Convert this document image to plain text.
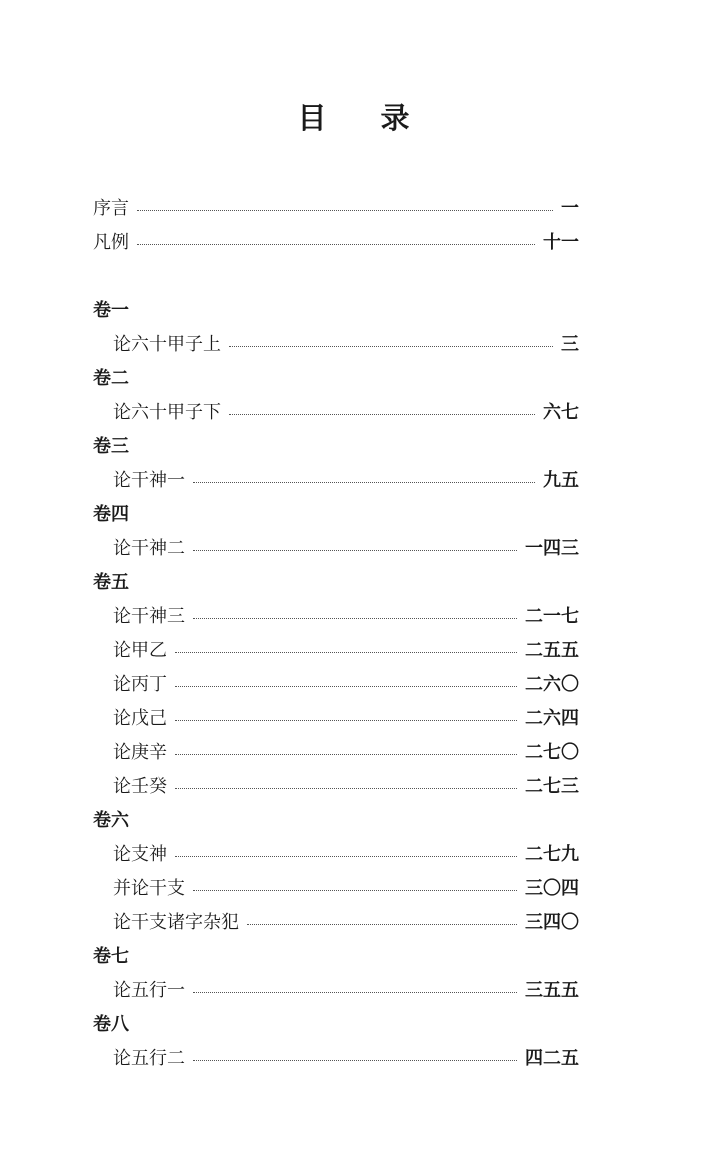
目 录
序言	一
凡例	十一
卷一
论六十甲子上	三
卷二
论六十甲子下	六七
卷三
论干神一	九五
卷四
论干神二	一四三
卷五
论干神三	二一七
论甲乙	二五五
论丙丁	二六〇
论戊己	二六四
论庚辛	二七〇
论壬癸	二七三
卷六
论支神	二七九
并论干支	三〇四
论干支诸字杂犯	三四〇
卷七
论五行一	三五五
卷八
论五行二	四二五
